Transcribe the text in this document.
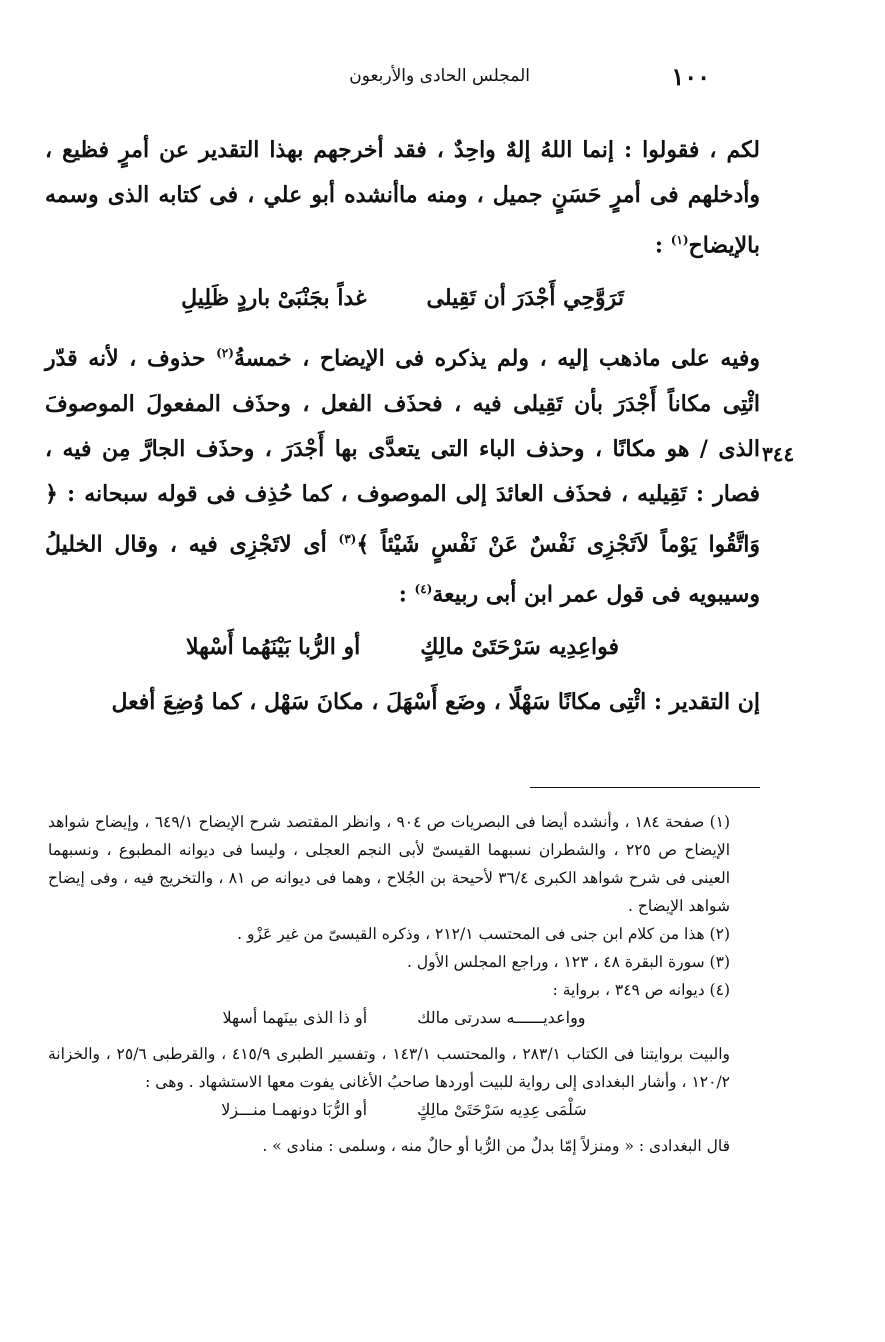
١٠٠
المجلس الحادى والأربعون
٣٤٤

لكم ، فقولوا : إنما اللهُ إلهٌ واحِدٌ ، فقد أخرجهم بهذا التقدير عن أمرٍ فظيع ، وأدخلهم فى أمرٍ حَسَنٍ جميل ، ومنه ماأنشده أبو علي ، فى كتابه الذى وسمه بالإيضاح$^{(١)}$ :

تَرَوَّحِي أَجْدَرَ أن تَقِيلى
غداً بجَنْبَىْ باردٍ ظَلِيلِ

وفيه على ماذهب إليه ، ولم يذكره فى الإيضاح ، خمسةُ$^{(٢)}$ حذوف ، لأنه قدّر ائْتِى مكاناً أَجْدَرَ بأن تَقِيلى فيه ، فحذَف الفعل ، وحذَف المفعولَ الموصوفَ الذى / هو مكانًا ، وحذف الباء التى يتعدَّى بها أَجْدَرَ ، وحذَف الجارَّ مِن فيه ، فصار : تَقِيليه ، فحذَف العائدَ إلى الموصوف ، كما حُذِف فى قوله سبحانه : ﴿ وَاتَّقُوا يَوْماً لاَتَجْزِى نَفْسٌ عَنْ نَفْسٍ شَيْئاً ﴾$^{(٣)}$ أى لاتَجْزِى فيه ، وقال الخليلُ وسيبويه فى قول عمر ابن أبى ربيعة$^{(٤)}$ :

فواعِدِيه سَرْحَتَىْ مالِكٍ
أو الرُّبا بَيْنَهُما أَسْهلا

إن التقدير : ائْتِى مكانًا سَهْلًا ، وضَع أَسْهَلَ ، مكانَ سَهْل ، كما وُضِعَ أفعل

(١) صفحة ١٨٤ ، وأنشده أيضا فى البصريات ص ٩٠٤ ، وانظر المقتصد شرح الإيضاح ٦٤٩/١ ، وإيضاح شواهد الإيضاح ص ٢٢٥ ، والشطران نسبهما القيسىّ لأبى النجم العجلى ، وليسا فى ديوانه المطبوع ، ونسبهما العينى فى شرح شواهد الكبرى ٣٦/٤ لأحيحة بن الجُلاح ، وهما فى ديوانه ص ٨١ ، والتخريج فيه ، وفى إيضاح شواهد الإيضاح .

(٢) هذا من كلام ابن جنى فى المحتسب ٢١٢/١ ، وذكره القيسىّ من غير عَزْو .

(٣) سورة البقرة ٤٨ ، ١٢٣ ، وراجع المجلس الأول .

(٤) ديوانه ص ٣٤٩ ، برواية :

وواعديــــــه سدرتى مالك
أو ذا الذى بينَهما أسهلا

والبيت بروايتنا فى الكتاب ٢٨٣/١ ، والمحتسب ١٤٣/١ ، وتفسير الطبرى ٤١٥/٩ ، والقرطبى ٢٥/٦ ، والخزانة ١٢٠/٢ ، وأشار البغدادى إلى رواية للبيت أوردها صاحبُ الأغانى يفوت معها الاستشهاد . وهى :

سَلْمَى عِدِيه سَرْحَتَىْ مالِكٍ
أو الرُّبَا دونهمـا منـــزلا

قال البغدادى : « ومنزلاً إمّا بدلٌ من الرُّبا أو حالٌ منه ، وسلمى : منادى » .
